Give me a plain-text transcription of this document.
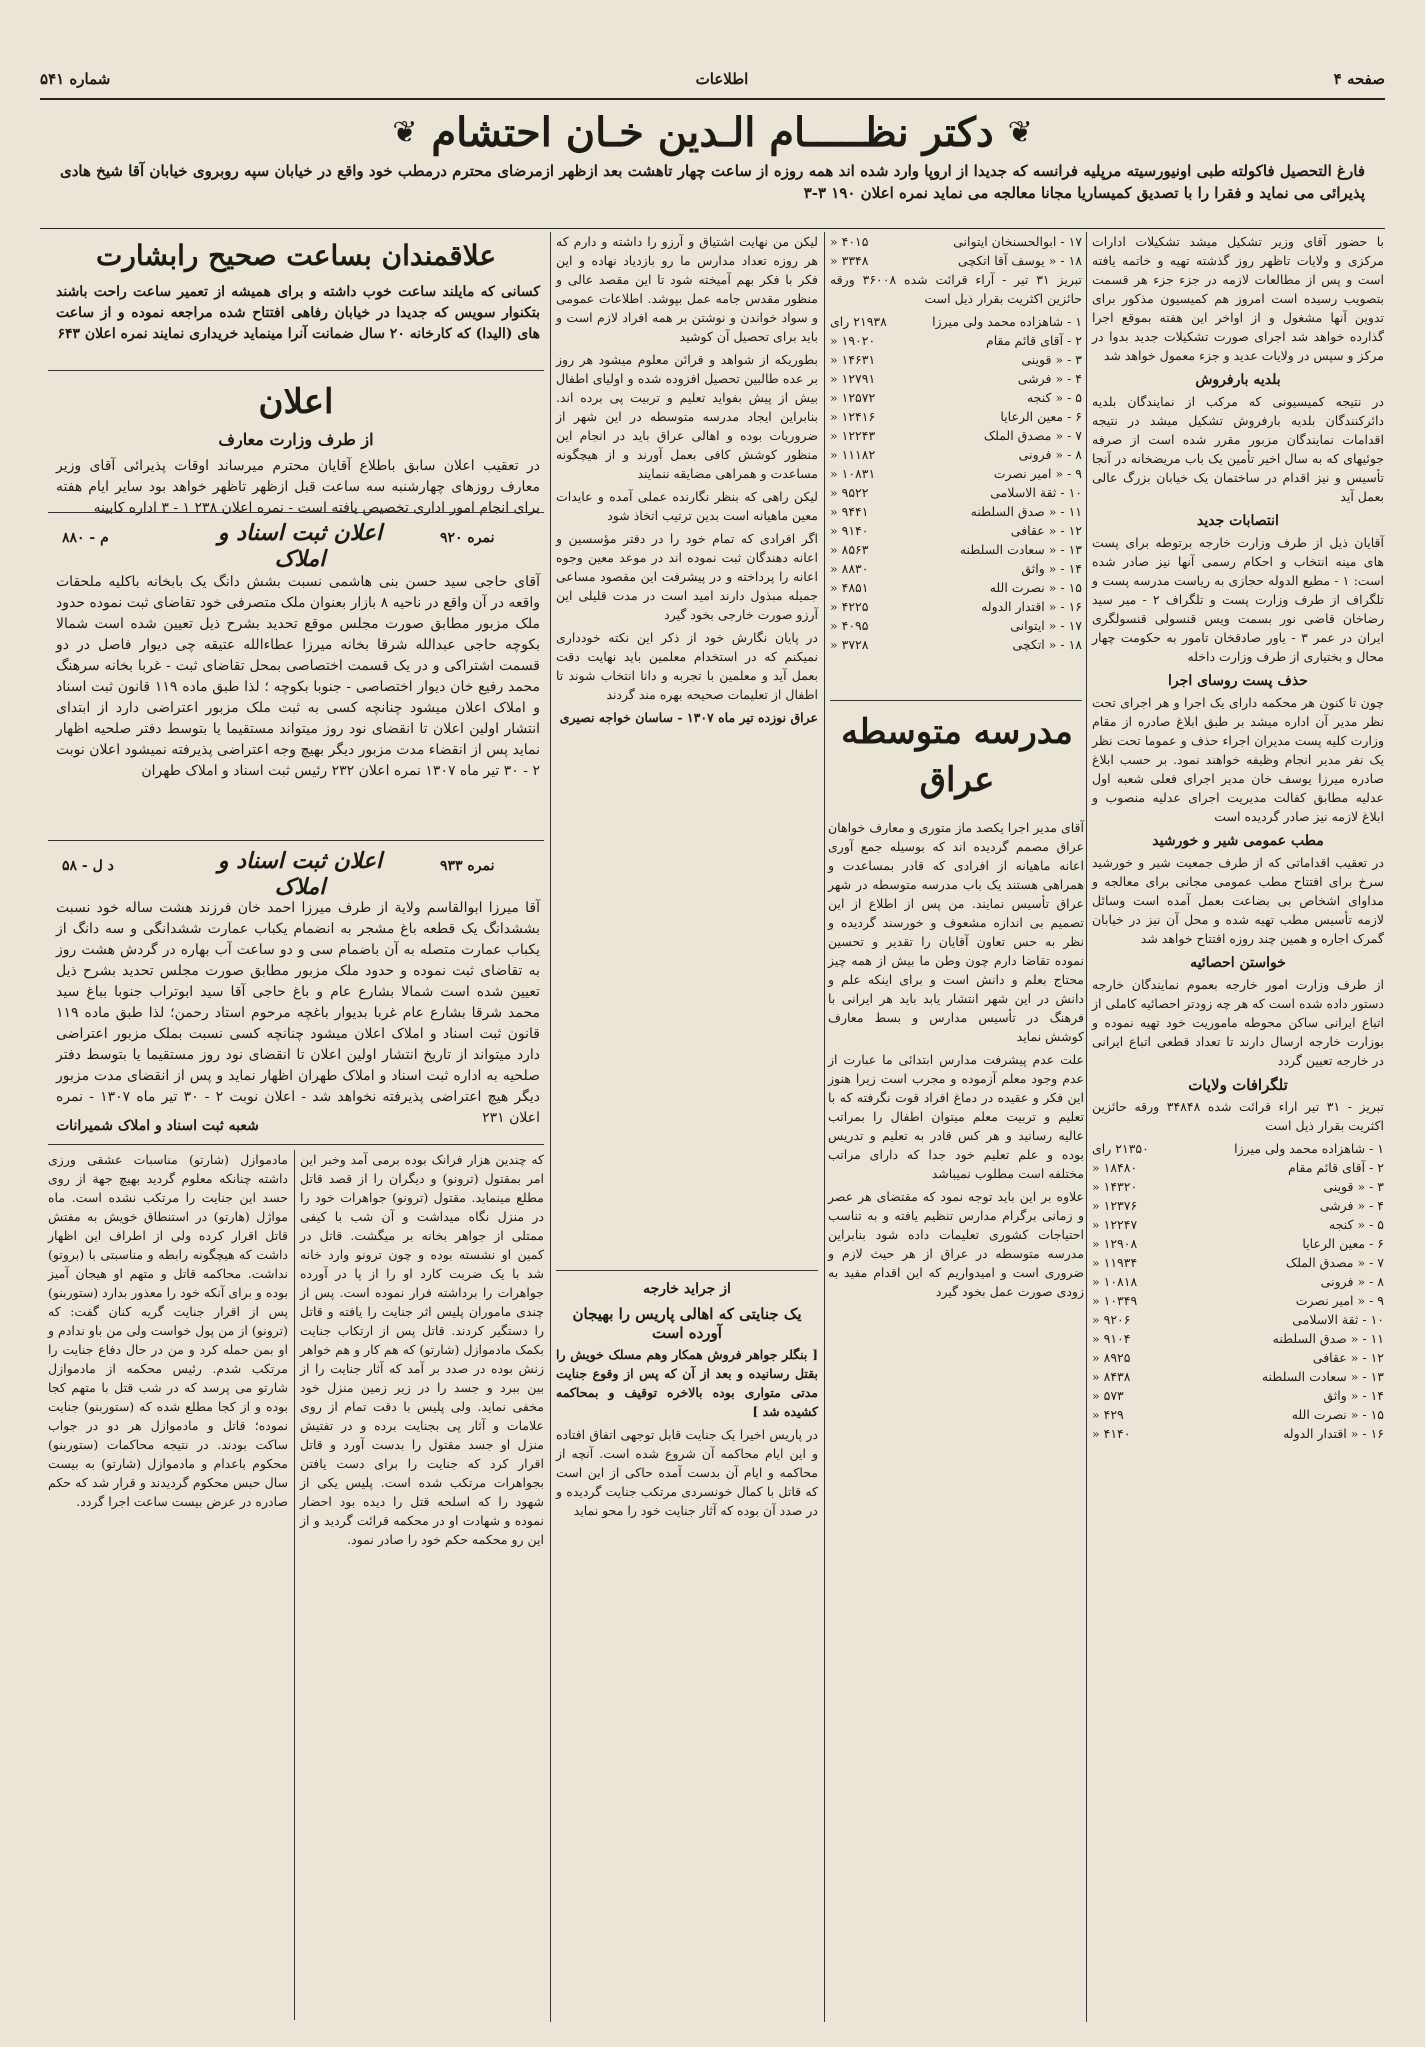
صفحه ۴
اطلاعات
شماره ۵۴۱
❦
دکتر نظـــــام الـدین خـان احتشام
❦
فارغ التحصیل فاکولته طبی اونیورسیته مرپلیه فرانسه که جدیدا از اروپا وارد شده اند همه روزه از ساعت چهار تاهشت بعد ازظهر ازمرضای محترم درمطب خود واقع در خیابان سپه روبروی خیابان آقا شیخ هادی پذیرائی می نماید و فقرا را با تصدیق کمیساریا مجانا معالجه می نماید نمره اعلان ۱۹۰ ۳-۳

با حضور آقای وزیر تشکیل میشد تشکیلات ادارات مرکزی و ولایات تاظهر روز گذشته تهیه و خاتمه یافته است و پس از مطالعات لازمه در جزء جزء هر قسمت بتصویب رسیده است امروز هم کمیسیون مذکور برای تدوین آنها مشغول و از اواخر این هفته بموقع اجرا گذارده خواهد شد اجرای صورت تشکیلات جدید بدوا در مرکز و سپس در ولایات عدید و جزء معمول خواهد شد

بلدیه بارفروش

در نتیجه کمیسیونی که مرکب از نمایندگان بلدیه دائرکنندگان بلدیه بارفروش تشکیل میشد در نتیجه اقدامات نمایندگان مزبور مقرر شده است از صرفه جوئیهای که به سال اخیر تأمین یک باب مریضخانه در آنجا تأسیس و نیز اقدام در ساختمان یک خیابان بزرگ عالی بعمل آید

انتصابات جدید

آقایان ذیل از طرف وزارت خارجه برتوطه برای پست های مینه انتخاب و احکام رسمی آنها نیز صادر شده است: ۱ - مطیع الدوله حجازی به ریاست مدرسه پست و تلگراف از طرف وزارت پست و تلگراف ۲ - میر سید رضاخان قاضی نور بسمت ویس قنسولی قنسولگری ایران در عمر ۳ - یاور صادقخان تامور به حکومت چهار محال و بختیاری از طرف وزارت داخله

حذف پست روسای اجرا

چون تا کنون هر محکمه دارای یک اجرا و هر اجرای تحت نظر مدیر آن اداره میشد بر طبق ابلاغ صادره از مقام وزارت کلیه پست مدیران اجراء حذف و عموما تحت نظر یک نفر مدیر انجام وظیفه خواهند نمود. بر حسب ابلاغ صادره میرزا یوسف خان مدیر اجرای فعلی شعبه اول عدلیه مطابق کفالت مدیریت اجرای عدلیه منصوب و ابلاغ لازمه نیز صادر گردیده است

مطب عمومی شیر و خورشید

در تعقیب اقداماتی که از طرف جمعیت شیر و خورشید سرخ برای افتتاح مطب عمومی مجانی برای معالجه و مداوای اشخاص بی بضاعت بعمل آمده است وسائل لازمه تأسیس مطب تهیه شده و محل آن نیز در خیابان گمرک اجاره و همین چند روزه افتتاح خواهد شد

خواستن احصائیه

از طرف وزارت امور خارجه بعموم نمایندگان خارجه دستور داده شده است که هر چه زودتر احصائیه کاملی از اتباع ایرانی ساکن محوطه ماموریت خود تهیه نموده و بوزارت خارجه ارسال دارند تا تعداد قطعی اتباع ایرانی در خارجه تعیین گردد

تلگرافات ولایات

تبریز - ۳۱ تیر اراء قرائت شده ۳۴۸۴۸ ورقه حائزین اکثریت بقرار ذیل است

۱ - شاهزاده محمد ولی میرزا
۲۱۳۵۰ رای
۲ - آقای قائم مقام
۱۸۴۸۰ «
۳ - « قوینی
۱۴۳۲۰ «
۴ - « فرشی
۱۲۳۷۶ «
۵ - « کنجه
۱۲۲۴۷ «
۶ - معین الرعایا
۱۲۹۰۸ «
۷ - « مصدق الملک
۱۱۹۳۴ «
۸ - « فرونی
۱۰۸۱۸ «
۹ - « امیر نصرت
۱۰۳۴۹ «
۱۰ - ثقة الاسلامی
۹۲۰۶ «
۱۱ - « صدق السلطنه
۹۱۰۴ «
۱۲ - « عقافی
۸۹۲۵ «
۱۳ - « سعادت السلطنه
۸۴۳۸ «
۱۴ - « واثق
۵۷۳ «
۱۵ - « نصرت الله
۴۲۹ «
۱۶ - « اقتدار الدوله
۴۱۴۰ «
۱۷ - ابوالحسنخان ایتوانی
۴۰۱۵ «
۱۸ - « یوسف آقا اتکچی
۳۳۴۸ «

تبریز ۳۱ تیر - آراء قرائت شده ۳۶۰۰۸ ورقه حائزین اکثریت بقرار ذیل است

۱ - شاهزاده محمد ولی میرزا
۲۱۹۳۸ رای
۲ - آقای قائم مقام
۱۹۰۲۰ «
۳ - « قوینی
۱۴۶۳۱ «
۴ - « فرشی
۱۲۷۹۱ «
۵ - « کنجه
۱۲۵۷۲ «
۶ - معین الرعایا
۱۲۴۱۶ «
۷ - « مصدق الملک
۱۲۲۴۳ «
۸ - « فرونی
۱۱۱۸۲ «
۹ - « امیر نصرت
۱۰۸۳۱ «
۱۰ - ثقة الاسلامی
۹۵۲۲ «
۱۱ - « صدق السلطنه
۹۴۴۱ «
۱۲ - « عقافی
۹۱۴۰ «
۱۳ - « سعادت السلطنه
۸۵۶۳ «
۱۴ - « واثق
۸۸۳۰ «
۱۵ - « نصرت الله
۴۸۵۱ «
۱۶ - « اقتدار الدوله
۴۲۲۵ «
۱۷ - « ایتوانی
۴۰۹۵ «
۱۸ - « اتکچی
۳۷۲۸ «
مدرسه متوسطه عراق

آقای مدیر اجرا یکصد ماز متوری و معارف خواهان عراق مصمم گردیده اند که بوسیله جمع آوری اعانه ماهیانه از افرادی که قادر بمساعدت و همراهی هستند یک باب مدرسه متوسطه در شهر عراق تأسیس نمایند. من پس از اطلاع از این تصمیم بی اندازه مشعوف و خورسند گردیده و نظر به حس تعاون آقایان را تقدیر و تحسین نموده تقاضا دارم چون وطن ما بیش از همه چیز محتاج بعلم و دانش است و برای اینکه علم و دانش در این شهر انتشار یابد باید هر ایرانی با فرهنگ در تأسیس مدارس و بسط معارف کوشش نماید

علت عدم پیشرفت مدارس ابتدائی ما عبارت از عدم وجود معلم آزموده و مجرب است زیرا هنوز این فکر و عقیده در دماغ افراد قوت نگرفته که با تعلیم و تربیت معلم میتوان اطفال را بمراتب عالیه رسانید و هر کس قادر به تعلیم و تدریس بوده و علم تعلیم خود جدا که دارای مراتب مختلفه است مطلوب نمیباشد

علاوه بر این باید توجه نمود که مقتضای هر عصر و زمانی برگرام مدارس تنظیم یافته و به تناسب احتیاجات کشوری تعلیمات داده شود بنابراین مدرسه متوسطه در عراق از هر حیث لازم و ضروری است و امیدواریم که این اقدام مفید به زودی صورت عمل بخود گیرد

لیکن من نهایت اشتیاق و آرزو را داشته و دارم که هر روزه تعداد مدارس ما رو بازدیاد نهاده و این فکر با فکر بهم آمیخته شود تا این مقصد عالی و منظور مقدس جامه عمل بپوشد. اطلاعات عمومی و سواد خواندن و نوشتن بر همه افراد لازم است و باید برای تحصیل آن کوشید

بطوریکه از شواهد و قرائن معلوم میشود هر روز بر عده طالبین تحصیل افزوده شده و اولیای اطفال بیش از پیش بفواید تعلیم و تربیت پی برده اند. بنابراین ایجاد مدرسه متوسطه در این شهر از ضروریات بوده و اهالی عراق باید در انجام این منظور کوشش کافی بعمل آورند و از هیچگونه مساعدت و همراهی مضایقه ننمایند

لیکن راهی که بنظر نگارنده عملی آمده و عایدات معین ماهیانه است بدین ترتیب اتخاذ شود

اگر افرادی که تمام خود را در دفتر مؤسسین و اعانه دهندگان ثبت نموده اند در موعد معین وجوه اعانه را پرداخته و در پیشرفت این مقصود مساعی جمیله مبذول دارند امید است در مدت قلیلی این آرزو صورت خارجی بخود گیرد

در پایان نگارش خود از ذکر این نکته خودداری نمیکنم که در استخدام معلمین باید نهایت دقت بعمل آید و معلمین با تجربه و دانا انتخاب شوند تا اطفال از تعلیمات صحیحه بهره مند گردند

عراق نوزده تیر ماه ۱۳۰۷ - ساسان خواجه نصیری

از جراید خارجه
یک جنایتی که اهالی پاریس را بهیجان آورده است

[ بنگلر جواهر فروش همکار وهم مسلک خویش را بقتل رسانیده و بعد از آن که پس از وقوع جنایت مدتی متواری بوده بالاخره توقیف و بمحاکمه کشیده شد ]

در پاریس اخیرا یک جنایت قابل توجهی اتفاق افتاده و این ایام محاکمه آن شروع شده است. آنچه از محاکمه و ایام آن بدست آمده حاکی از این است که قاتل با کمال خونسردی مرتکب جنایت گردیده و در صدد آن بوده که آثار جنایت خود را محو نماید

علاقمندان بساعت صحیح رابشارت
کسانی که مایلند ساعت خوب داشته و برای همیشه از تعمیر ساعت راحت باشند بتکنوار سویس که جدیدا در خیابان رفاهی افتتاح شده مراجعه نموده و از ساعت های (الیدا) که کارخانه ۲۰ سال ضمانت آنرا مینماید خریداری نمایند نمره اعلان ۶۴۳
اعلان
از طرف وزارت معارف
در تعقیب اعلان سابق باطلاع آقایان محترم میرساند اوقات پذیرائی آقای وزیر معارف روزهای چهارشنبه سه ساعت قبل ازظهر تاظهر خواهد بود سایر ایام هفته برای انجام امور اداری تخصیص یافته است - نمره اعلان ۲۳۸ ۱ - ۳ اداره کابینه
م - ۸۸۰	اعلان ثبت اسناد و املاک
نمره ۹۲۰
آقای حاجی سید حسن بنی هاشمی نسبت بشش دانگ یک بابخانه باکلیه ملحقات واقعه در آن واقع در ناحیه ۸ بازار بعنوان ملک متصرفی خود تقاضای ثبت نموده حدود ملک مزبور مطابق صورت مجلس موقع تحدید بشرح ذیل تعیین شده است شمالا بکوچه حاجی عبدالله شرقا بخانه میرزا عطاءالله عتیقه چی دیوار فاصل در دو قسمت اشتراکی و در یک قسمت اختصاصی بمحل تقاضای ثبت - غربا بخانه سرهنگ محمد رفیع خان دیوار اختصاصی - جنوبا بکوچه ؛ لذا طبق ماده ۱۱۹ قانون ثبت اسناد و املاک اعلان میشود چنانچه کسی به ثبت ملک مزبور اعتراضی دارد از ابتدای انتشار اولین اعلان تا انقضای نود روز میتواند مستقیما یا بتوسط دفتر صلحیه اظهار نماید پس از انقضاء مدت مزبور دیگر بهیچ وجه اعتراضی پذیرفته نمیشود اعلان نوبت ۲ - ۳۰ تیر ماه ۱۳۰۷ نمره اعلان ۲۳۲ رئیس ثبت اسناد و املاک طهران
د ل - ۵۸	اعلان ثبت اسناد و املاک
نمره ۹۳۳
آقا میرزا ابوالقاسم ولایة از طرف میرزا احمد خان فرزند هشت ساله خود نسبت بششدانگ یک قطعه باغ مشجر به انضمام یکباب عمارت ششدانگی و سه دانگ از یکباب عمارت متصله به آن باضمام سی و دو ساعت آب بهاره در گردش هشت روز به تقاضای ثبت نموده و حدود ملک مزبور مطابق صورت مجلس تحدید بشرح ذیل تعیین شده است شمالا بشارع عام و باغ حاجی آقا سید ابوتراب جنوبا بباغ سید محمد شرقا بشارع عام غربا بدیوار باغچه مرحوم استاد رحمن؛ لذا طبق ماده ۱۱۹ قانون ثبت اسناد و املاک اعلان میشود چنانچه کسی نسبت بملک مزبور اعتراضی دارد میتواند از تاریخ انتشار اولین اعلان تا انقضای نود روز مستقیما یا بتوسط دفتر صلحیه به اداره ثبت اسناد و املاک طهران اظهار نماید و پس از انقضای مدت مزبور دیگر هیچ اعتراضی پذیرفته نخواهد شد - اعلان نوبت ۲ - ۳۰ تیر ماه ۱۳۰۷ - نمره اعلان ۲۳۱
شعبه ثبت اسناد و املاک شمیرانات

مادموازل (شارتو) مناسبات عشقی ورزی داشته چنانکه معلوم گردید بهیچ جهة از روی حسد این جنایت را مرتکب نشده است. ماه مواژل (هارتو) در استنطاق خویش به مفتش قاتل اقرار کرده ولی از اطراف این اظهار داشت که هیچگونه رابطه و مناسبتی با (بروتو) نداشت. محاکمه قاتل و متهم او هیجان آمیز بوده و برای آنکه خود را معذور بدارد (ستوربنو) پس از اقرار جنایت گریه کنان گفت: که (ترونو) از من پول خواست ولی من باو ندادم و او بمن حمله کرد و من در حال دفاع جنایت را مرتکب شدم. رئیس محکمه از مادموازل شارتو می پرسد که در شب قتل با متهم کجا بوده و از کجا مطلع شده که (ستوربنو) جنایت نموده؛ قاتل و مادموازل هر دو در جواب ساکت بودند. در نتیجه محاکمات (ستوربنو) محکوم باعدام و مادموازل (شارتو) به بیست سال حبس محکوم گردیدند و قرار شد که حکم صادره در عرض بیست ساعت اجرا گردد.

که چندین هزار فرانک بوده برمی آمد وخبر این امر بمقتول (ترونو) و دیگران را از قصد قاتل مطلع مینماید. مقتول (ترونو) جواهرات خود را در منزل نگاه میداشت و آن شب با کیفی ممتلی از جواهر بخانه بر میگشت. قاتل در کمین او نشسته بوده و چون ترونو وارد خانه شد با یک ضربت کارد او را از پا در آورده جواهرات را برداشته فرار نموده است. پس از چندی ماموران پلیس اثر جنایت را یافته و قاتل را دستگیر کردند. قاتل پس از ارتکاب جنایت بکمک مادموازل (شارتو) که هم کار و هم خواهر زنش بوده در صدد بر آمد که آثار جنایت را از بین ببرد و جسد را در زیر زمین منزل خود مخفی نماید. ولی پلیس با دقت تمام از روی علامات و آثار پی بجنایت برده و در تفتیش منزل او جسد مقتول را بدست آورد و قاتل اقرار کرد که جنایت را برای دست یافتن بجواهرات مرتکب شده است. پلیس یکی از شهود را که اسلحه قتل را دیده بود احضار نموده و شهادت او در محکمه قرائت گردید و از این رو محکمه حکم خود را صادر نمود.
